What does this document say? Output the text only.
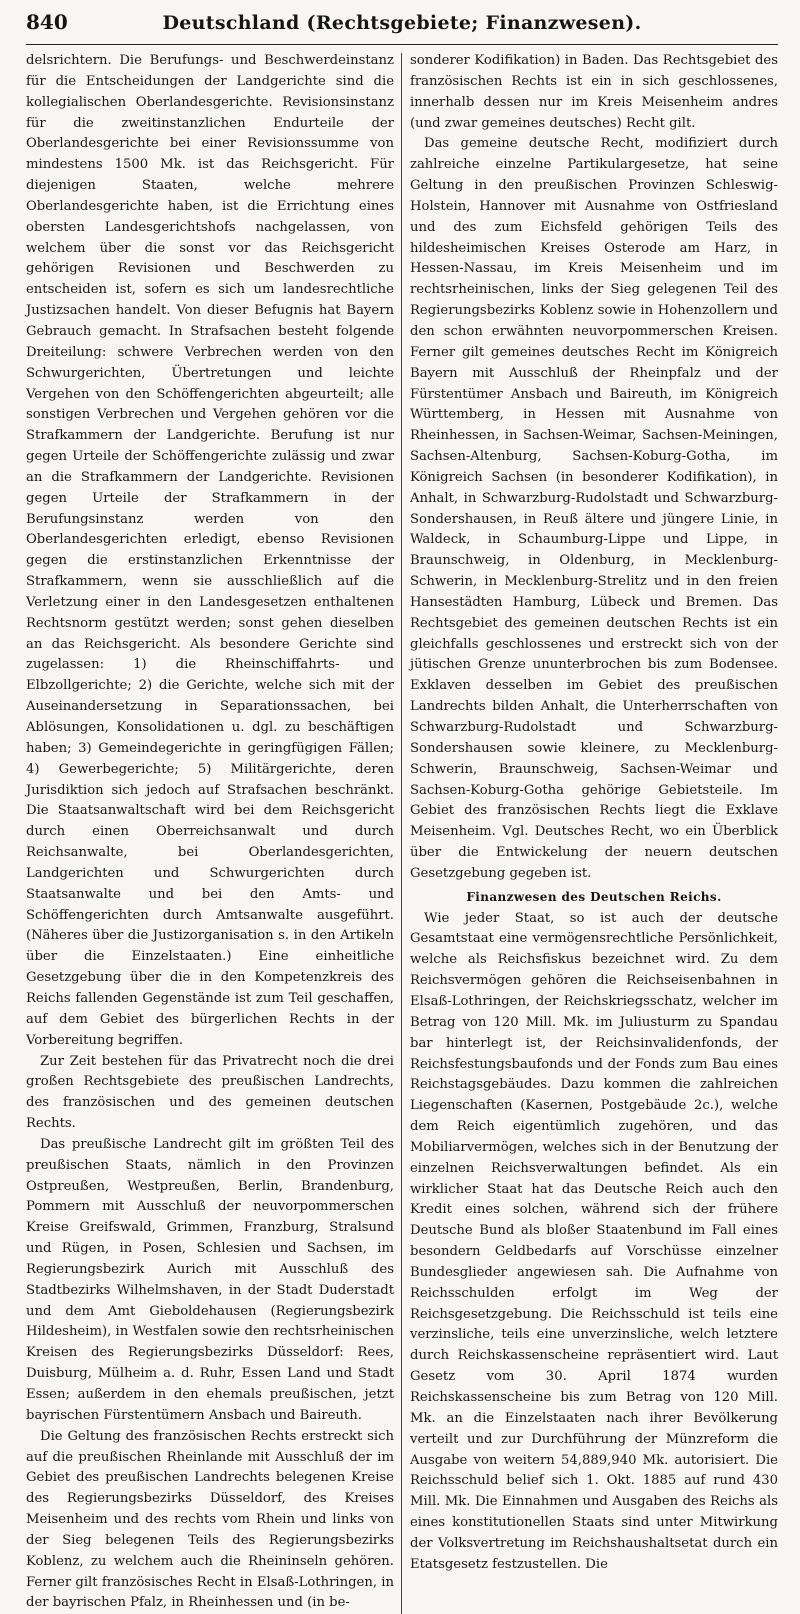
840	Deutschland (Rechtsgebiete; Finanzwesen).

delsrichtern. Die Berufungs- und Beschwerdeinstanz für die Entscheidungen der Landgerichte sind die kollegialischen Oberlandesgerichte. Revisionsinstanz für die zweitinstanzlichen Endurteile der Oberlandesgerichte bei einer Revisionssumme von mindestens 1500 Mk. ist das Reichsgericht. Für diejenigen Staaten, welche mehrere Oberlandesgerichte haben, ist die Errichtung eines obersten Landesgerichtshofs nachgelassen, von welchem über die sonst vor das Reichsgericht gehörigen Revisionen und Beschwerden zu entscheiden ist, sofern es sich um landesrechtliche Justizsachen handelt. Von dieser Befugnis hat Bayern Gebrauch gemacht. In Strafsachen besteht folgende Dreiteilung: schwere Verbrechen werden von den Schwurgerichten, Übertretungen und leichte Vergehen von den Schöffengerichten abgeurteilt; alle sonstigen Verbrechen und Vergehen gehören vor die Strafkammern der Landgerichte. Berufung ist nur gegen Urteile der Schöffengerichte zulässig und zwar an die Strafkammern der Landgerichte. Revisionen gegen Urteile der Strafkammern in der Berufungsinstanz werden von den Oberlandesgerichten erledigt, ebenso Revisionen gegen die erstinstanzlichen Erkenntnisse der Strafkammern, wenn sie ausschließlich auf die Verletzung einer in den Landesgesetzen enthaltenen Rechtsnorm gestützt werden; sonst gehen dieselben an das Reichsgericht. Als besondere Gerichte sind zugelassen: 1) die Rheinschiffahrts- und Elbzollgerichte; 2) die Gerichte, welche sich mit der Auseinandersetzung in Separationssachen, bei Ablösungen, Konsolidationen u. dgl. zu beschäftigen haben; 3) Gemeindegerichte in geringfügigen Fällen; 4) Gewerbegerichte; 5) Militärgerichte, deren Jurisdiktion sich jedoch auf Strafsachen beschränkt. Die Staatsanwaltschaft wird bei dem Reichsgericht durch einen Oberreichsanwalt und durch Reichsanwalte, bei Oberlandesgerichten, Landgerichten und Schwurgerichten durch Staatsanwalte und bei den Amts- und Schöffengerichten durch Amtsanwalte ausgeführt. (Näheres über die Justizorganisation s. in den Artikeln über die Einzelstaaten.) Eine einheitliche Gesetzgebung über die in den Kompetenzkreis des Reichs fallenden Gegenstände ist zum Teil geschaffen, auf dem Gebiet des bürgerlichen Rechts in der Vorbereitung begriffen.

Zur Zeit bestehen für das Privatrecht noch die drei großen Rechtsgebiete des preußischen Landrechts, des französischen und des gemeinen deutschen Rechts.

Das preußische Landrecht gilt im größten Teil des preußischen Staats, nämlich in den Provinzen Ostpreußen, Westpreußen, Berlin, Brandenburg, Pommern mit Ausschluß der neuvorpommerschen Kreise Greifswald, Grimmen, Franzburg, Stralsund und Rügen, in Posen, Schlesien und Sachsen, im Regierungsbezirk Aurich mit Ausschluß des Stadtbezirks Wilhelmshaven, in der Stadt Duderstadt und dem Amt Gieboldehausen (Regierungsbezirk Hildesheim), in Westfalen sowie den rechtsrheinischen Kreisen des Regierungsbezirks Düsseldorf: Rees, Duisburg, Mülheim a. d. Ruhr, Essen Land und Stadt Essen; außerdem in den ehemals preußischen, jetzt bayrischen Fürstentümern Ansbach und Baireuth.

Die Geltung des französischen Rechts erstreckt sich auf die preußischen Rheinlande mit Ausschluß der im Gebiet des preußischen Landrechts belegenen Kreise des Regierungsbezirks Düsseldorf, des Kreises Meisenheim und des rechts vom Rhein und links von der Sieg belegenen Teils des Regierungsbezirks Koblenz, zu welchem auch die Rheininseln gehören. Ferner gilt französisches Recht in Elsaß-Lothringen, in der bayrischen Pfalz, in Rheinhessen und (in be-

sonderer Kodifikation) in Baden. Das Rechtsgebiet des französischen Rechts ist ein in sich geschlossenes, innerhalb dessen nur im Kreis Meisenheim andres (und zwar gemeines deutsches) Recht gilt.

Das gemeine deutsche Recht, modifiziert durch zahlreiche einzelne Partikulargesetze, hat seine Geltung in den preußischen Provinzen Schleswig-Holstein, Hannover mit Ausnahme von Ostfriesland und des zum Eichsfeld gehörigen Teils des hildesheimischen Kreises Osterode am Harz, in Hessen-Nassau, im Kreis Meisenheim und im rechtsrheinischen, links der Sieg gelegenen Teil des Regierungsbezirks Koblenz sowie in Hohenzollern und den schon erwähnten neuvorpommerschen Kreisen. Ferner gilt gemeines deutsches Recht im Königreich Bayern mit Ausschluß der Rheinpfalz und der Fürstentümer Ansbach und Baireuth, im Königreich Württemberg, in Hessen mit Ausnahme von Rheinhessen, in Sachsen-Weimar, Sachsen-Meiningen, Sachsen-Altenburg, Sachsen-Koburg-Gotha, im Königreich Sachsen (in besonderer Kodifikation), in Anhalt, in Schwarzburg-Rudolstadt und Schwarzburg-Sondershausen, in Reuß ältere und jüngere Linie, in Waldeck, in Schaumburg-Lippe und Lippe, in Braunschweig, in Oldenburg, in Mecklenburg-Schwerin, in Mecklenburg-Strelitz und in den freien Hansestädten Hamburg, Lübeck und Bremen. Das Rechtsgebiet des gemeinen deutschen Rechts ist ein gleichfalls geschlossenes und erstreckt sich von der jütischen Grenze ununterbrochen bis zum Bodensee. Exklaven desselben im Gebiet des preußischen Landrechts bilden Anhalt, die Unterherrschaften von Schwarzburg-Rudolstadt und Schwarzburg-Sondershausen sowie kleinere, zu Mecklenburg-Schwerin, Braunschweig, Sachsen-Weimar und Sachsen-Koburg-Gotha gehörige Gebietsteile. Im Gebiet des französischen Rechts liegt die Exklave Meisenheim. Vgl. Deutsches Recht, wo ein Überblick über die Entwickelung der neuern deutschen Gesetzgebung gegeben ist.

Finanzwesen des Deutschen Reichs.

Wie jeder Staat, so ist auch der deutsche Gesamtstaat eine vermögensrechtliche Persönlichkeit, welche als Reichsfiskus bezeichnet wird. Zu dem Reichsvermögen gehören die Reichseisenbahnen in Elsaß-Lothringen, der Reichskriegsschatz, welcher im Betrag von 120 Mill. Mk. im Juliusturm zu Spandau bar hinterlegt ist, der Reichsinvalidenfonds, der Reichsfestungsbaufonds und der Fonds zum Bau eines Reichstagsgebäudes. Dazu kommen die zahlreichen Liegenschaften (Kasernen, Postgebäude 2c.), welche dem Reich eigentümlich zugehören, und das Mobiliarvermögen, welches sich in der Benutzung der einzelnen Reichsverwaltungen befindet. Als ein wirklicher Staat hat das Deutsche Reich auch den Kredit eines solchen, während sich der frühere Deutsche Bund als bloßer Staatenbund im Fall eines besondern Geldbedarfs auf Vorschüsse einzelner Bundesglieder angewiesen sah. Die Aufnahme von Reichsschulden erfolgt im Weg der Reichsgesetzgebung. Die Reichsschuld ist teils eine verzinsliche, teils eine unverzinsliche, welch letztere durch Reichskassenscheine repräsentiert wird. Laut Gesetz vom 30. April 1874 wurden Reichskassenscheine bis zum Betrag von 120 Mill. Mk. an die Einzelstaaten nach ihrer Bevölkerung verteilt und zur Durchführung der Münzreform die Ausgabe von weitern 54,889,940 Mk. autorisiert. Die Reichsschuld belief sich 1. Okt. 1885 auf rund 430 Mill. Mk. Die Einnahmen und Ausgaben des Reichs als eines konstitutionellen Staats sind unter Mitwirkung der Volksvertretung im Reichshaushaltsetat durch ein Etatsgesetz festzustellen. Die
